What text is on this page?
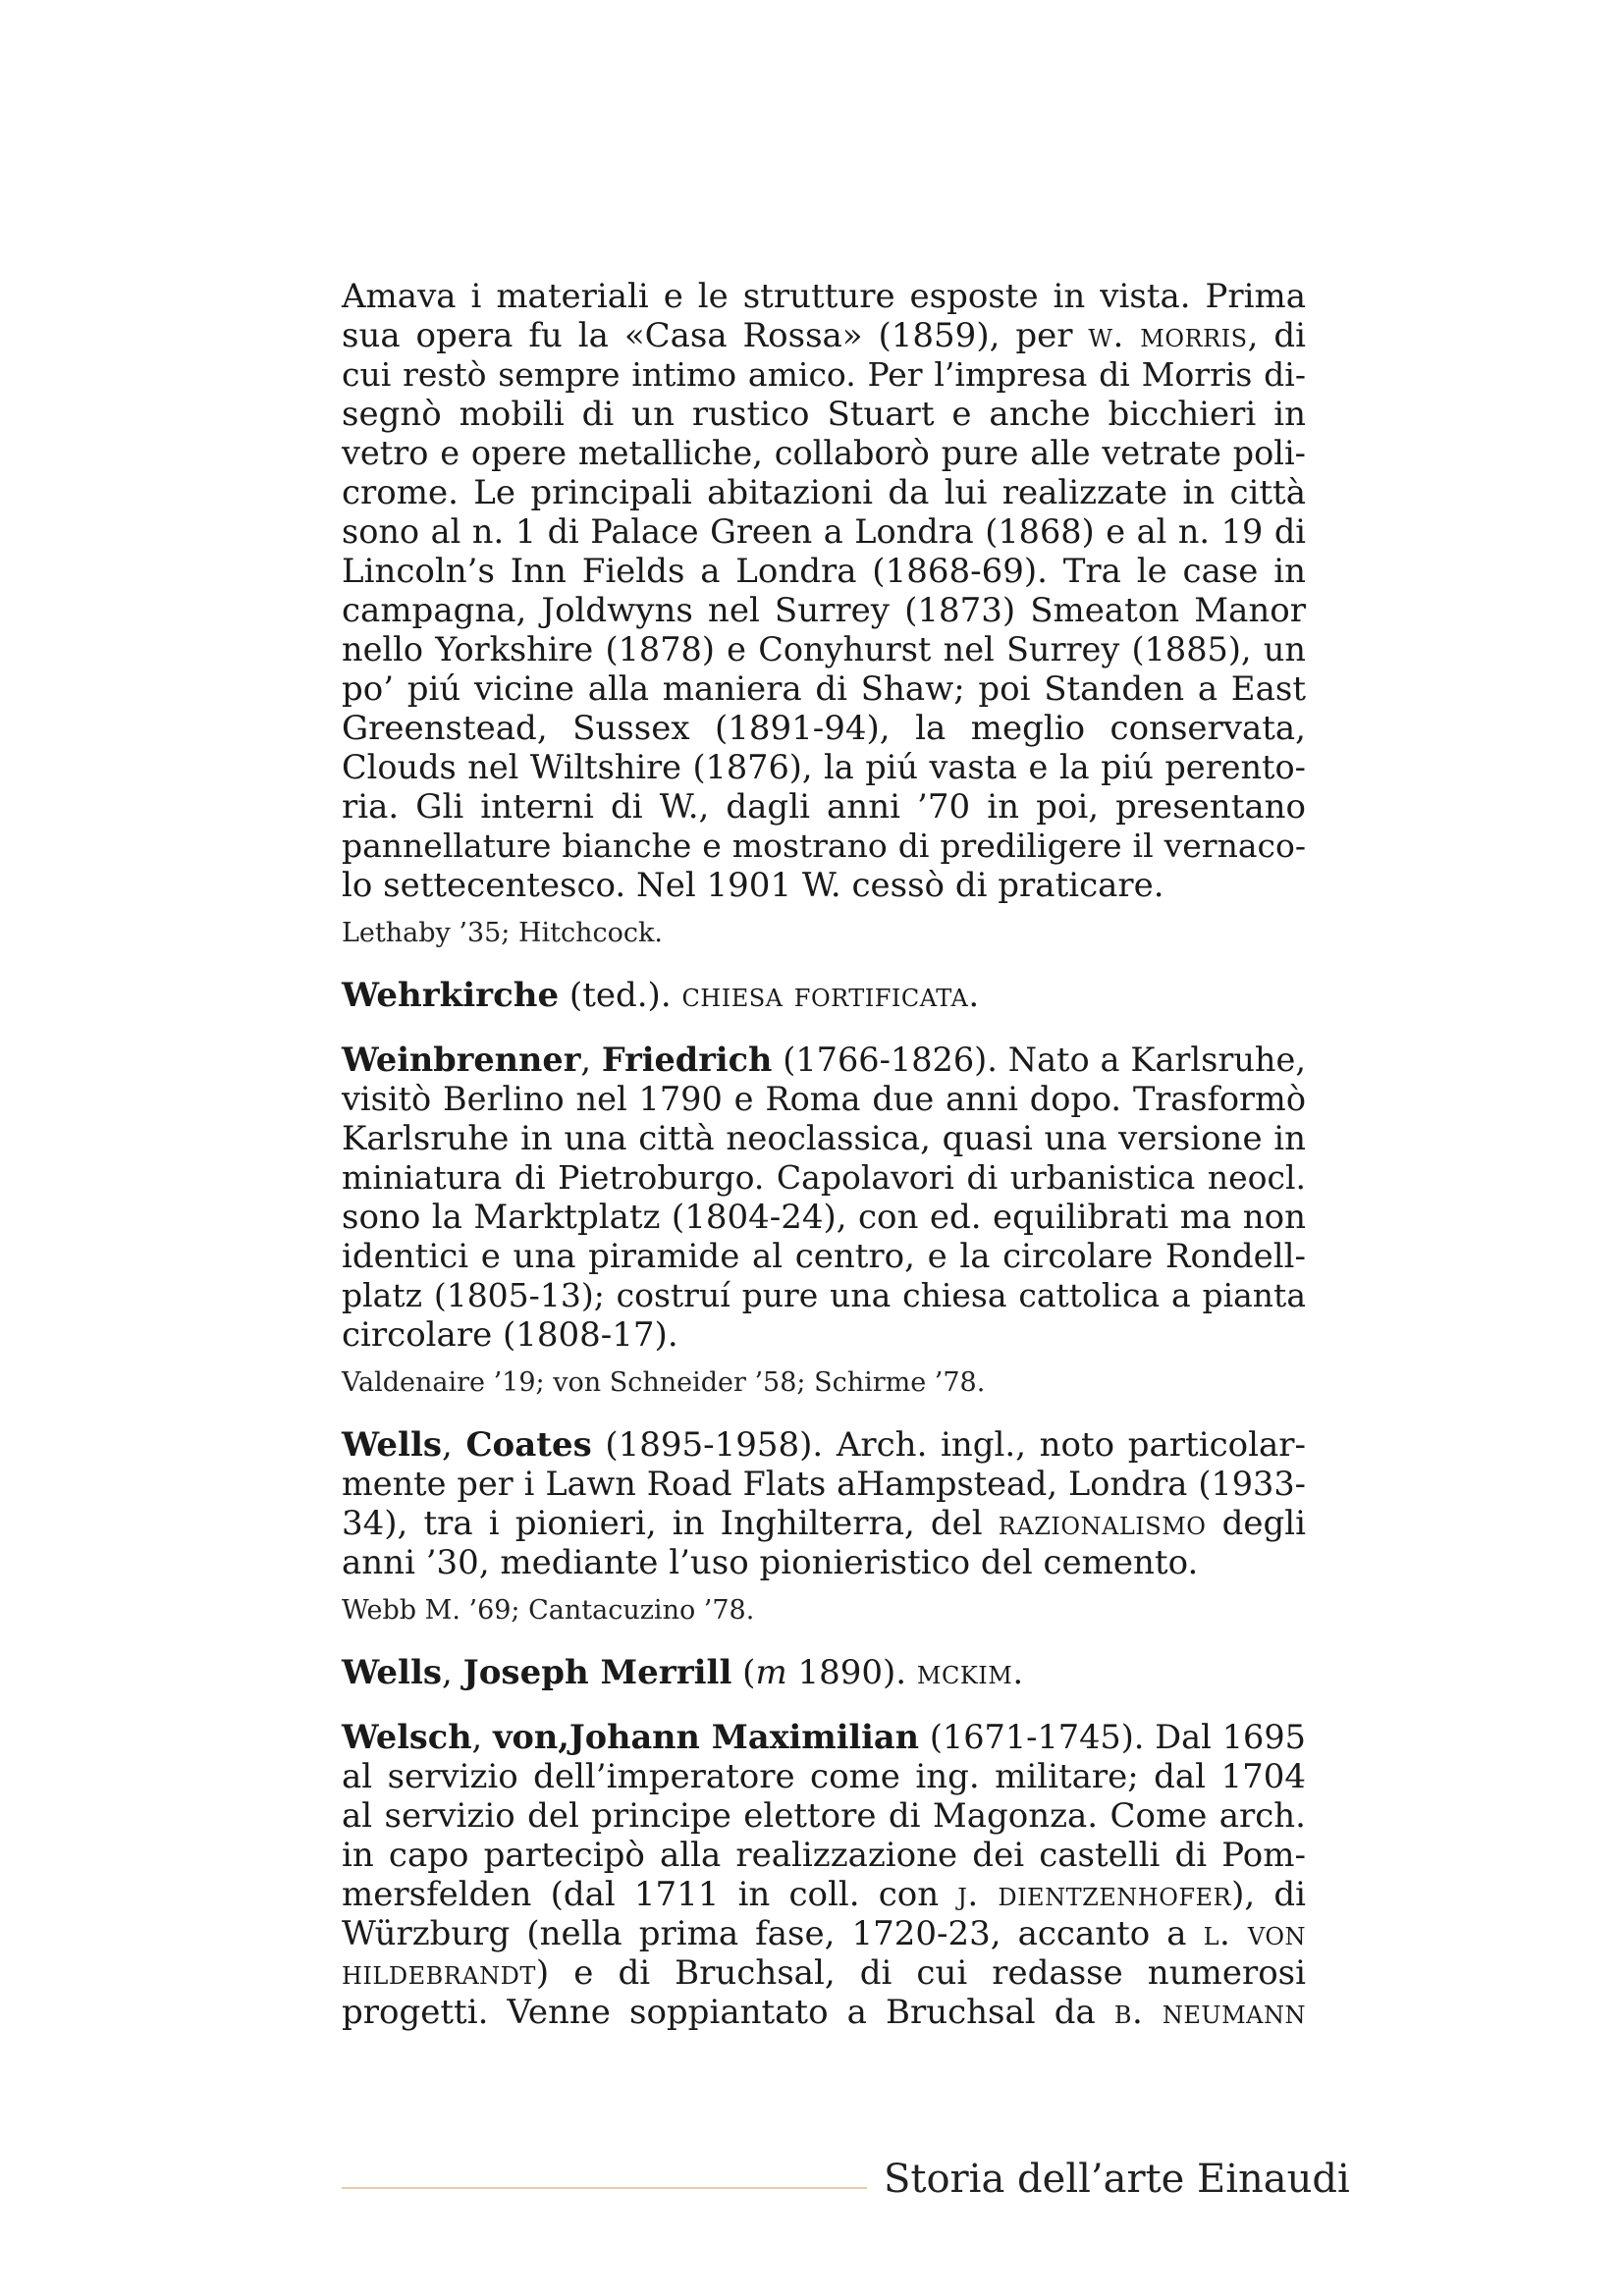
Amava i materiali e le strutture esposte in vista. Prima
sua opera fu la «Casa Rossa» (1859), per w. morris, di
cui restò sempre intimo amico. Per l’impresa di Morris di-
segnò mobili di un rustico Stuart e anche bicchieri in
vetro e opere metalliche, collaborò pure alle vetrate poli-
crome. Le principali abitazioni da lui realizzate in città
sono al n. 1 di Palace Green a Londra (1868) e al n. 19 di
Lincoln’s Inn Fields a Londra (1868-69). Tra le case in
campagna, Joldwyns nel Surrey (1873) Smeaton Manor
nello Yorkshire (1878) e Conyhurst nel Surrey (1885), un
po’ piú vicine alla maniera di Shaw; poi Standen a East
Greenstead, Sussex (1891-94), la meglio conservata,
Clouds nel Wiltshire (1876), la piú vasta e la piú perento-
ria. Gli interni di W., dagli anni ’70 in poi, presentano
pannellature bianche e mostrano di prediligere il vernaco-
lo settecentesco. Nel 1901 W. cessò di praticare.
Lethaby ’35; Hitchcock.
Wehrkirche (ted.). chiesa fortificata.
Weinbrenner, Friedrich (1766-1826). Nato a Karlsruhe,
visitò Berlino nel 1790 e Roma due anni dopo. Trasformò
Karlsruhe in una città neoclassica, quasi una versione in
miniatura di Pietroburgo. Capolavori di urbanistica neocl.
sono la Marktplatz (1804-24), con ed. equilibrati ma non
identici e una piramide al centro, e la circolare Rondell-
platz (1805-13); costruí pure una chiesa cattolica a pianta
circolare (1808-17).
Valdenaire ’19; von Schneider ’58; Schirme ’78.
Wells, Coates (1895-1958). Arch. ingl., noto particolar-
mente per i Lawn Road Flats aHampstead, Londra (1933-
34), tra i pionieri, in Inghilterra, del razionalismo degli
anni ’30, mediante l’uso pionieristico del cemento.
Webb M. ’69; Cantacuzino ’78.
Wells, Joseph Merrill (m 1890). mckim.
Welsch, von,Johann Maximilian (1671-1745). Dal 1695
al servizio dell’imperatore come ing. militare; dal 1704
al servizio del principe elettore di Magonza. Come arch.
in capo partecipò alla realizzazione dei castelli di Pom-
mersfelden (dal 1711 in coll. con j. dientzenhofer), di
Würzburg (nella prima fase, 1720-23, accanto a l. von
hildebrandt) e di Bruchsal, di cui redasse numerosi
progetti. Venne soppiantato a Bruchsal da b. neumann
Storia dell’arte Einaudi
